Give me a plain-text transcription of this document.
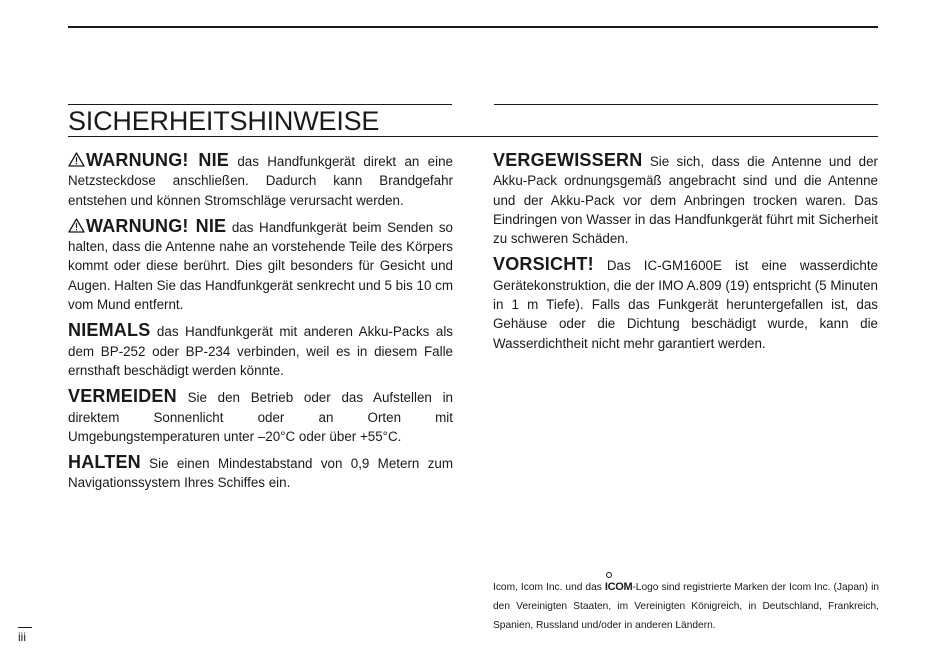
SICHERHEITSHINWEISE

WARNUNG! NIE das Handfunkgerät direkt an eine Netzsteckdose anschließen. Dadurch kann Brandgefahr entstehen und können Stromschläge verursacht werden.

WARNUNG! NIE das Handfunkgerät beim Senden so halten, dass die Antenne nahe an vorstehende Teile des Körpers kommt oder diese berührt. Dies gilt besonders für Gesicht und Augen. Halten Sie das Handfunkgerät senkrecht und 5 bis 10 cm vom Mund entfernt.

NIEMALS das Handfunkgerät mit anderen Akku-Packs als dem BP-252 oder BP-234 verbinden, weil es in diesem Falle ernsthaft beschädigt werden könnte.

VERMEIDEN Sie den Betrieb oder das Aufstellen in direktem Sonnenlicht oder an Orten mit Umgebungstemperaturen unter –20°C oder über +55°C.

HALTEN Sie einen Mindestabstand von 0,9 Metern zum Navigationssystem Ihres Schiffes ein.

VERGEWISSERN Sie sich, dass die Antenne und der Akku-Pack ordnungsgemäß angebracht sind und die Antenne und der Akku-Pack vor dem Anbringen trocken waren. Das Eindringen von Wasser in das Handfunkgerät führt mit Sicherheit zu schweren Schäden.

VORSICHT! Das IC-GM1600E ist eine wasserdichte Gerätekonstruktion, die der IMO A.809 (19) entspricht (5 Minuten in 1 m Tiefe). Falls das Funkgerät heruntergefallen ist, das Gehäuse oder die Dichtung beschädigt wurde, kann die Wasserdichtheit nicht mehr garantiert werden.

Icom, Icom Inc. und das
ICOM-Logo sind registrierte Marken der Icom Inc. (Japan) in den Vereinigten Staaten, im Vereinigten Königreich, in Deutschland, Frankreich, Spanien, Russland und/oder in anderen Ländern.
iii
